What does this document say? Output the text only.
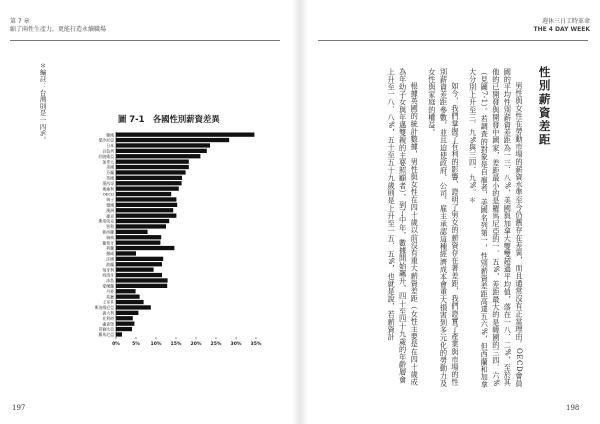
第 7 章
縮了兩性生產力，更能打造永續職場
＊編註：台灣則是一四%。	圖 7-1　各國性別薪資差異
韓國
愛沙尼亞
日本
以色列
拉脫維亞
加拿大
美國
芬蘭
英國
墨西哥
奧地利
OECD
瑞士
德國
澳洲
捷克
斯洛伐克
智利
新西蘭
瑞典
葡萄牙
荷蘭
挪威
法國
波蘭
匈牙利
西班牙
冰島
愛爾蘭
丹麥
希臘
土耳其
斯洛維尼亞
義大利
比利時
盧森堡
哥倫比亞
羅馬尼亞
0%	5% 10% 15% 20% 25% 30% 35%
197
週休三日工時革命
THE 4 DAY WEEK
198
性別薪資差距

男性與女性在勞動市場的薪資水準至今仍舊存在差異，而且通常沒有正當理由。OECD會員國的平均性別薪資差距為一三．八%，美國與加拿大雙雙超過平均值，落在一八．二%，至於其他的已開發與開發中國家，差距最小的是羅馬尼亞的一．五%，差距最大的是韓國的三四．六%（見圖7-1）。若調查的對象是自雇者，美國名列第一，性別薪資差距高達五六%，但西蘭和加拿大分別上升至三．九%與三四．九%。＊

如今，我們掌握了有利的影響，證明了男女的薪資存在著差距，我們證實了產業與市場的性別薪資差距參數，並且迫使政府、公司、雇主承認這種經濟成本會重大損害到多元化的勞動力及女性與家庭的權益。

根據英國的統計數據，男性與女性在四十歲以前沒有重大薪資差距（女性主要是在四十歲成為年幼子女與年邁雙親的主要照顧者），到了中年，數據開始飆升，四十至四十九歲的年齡層會上升至一八．八%，五十至五十九歲則是上升至一五．五%，也就是說，若薪資計
